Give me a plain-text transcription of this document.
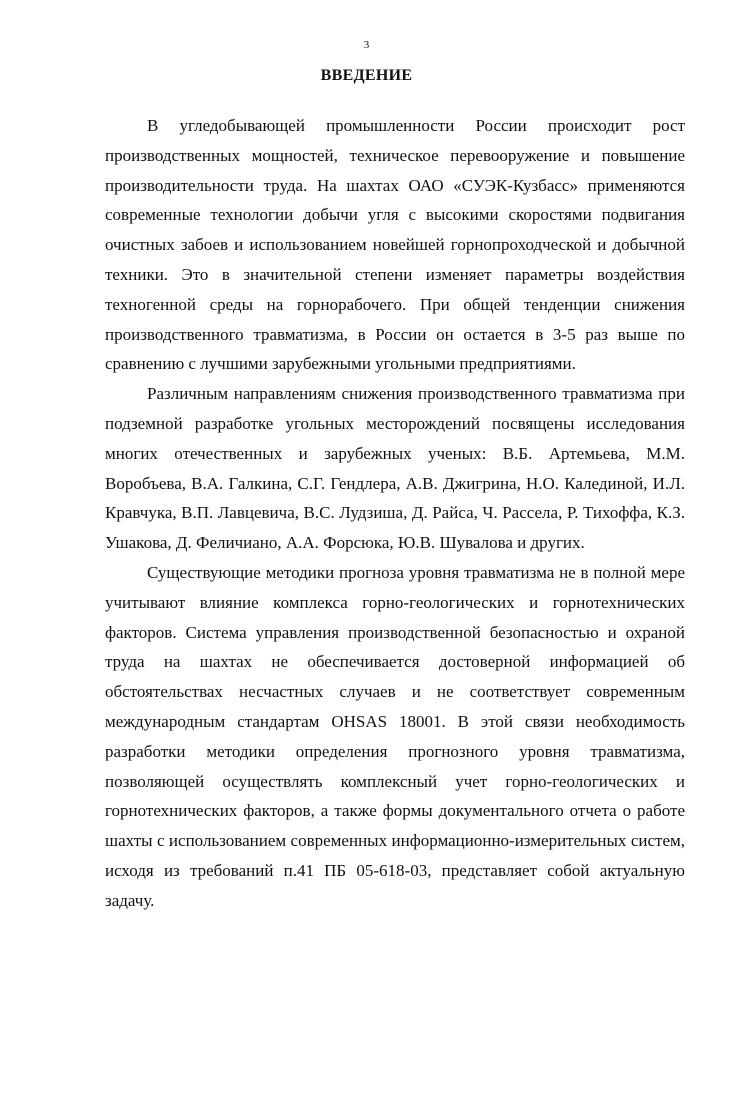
3
ВВЕДЕНИЕ

В угледобывающей промышленности России происходит рост производственных мощностей, техническое перевооружение и повышение производительности труда. На шахтах ОАО «СУЭК-Кузбасс» применяются современные технологии добычи угля с высокими скоростями подвигания очистных забоев и использованием новейшей горнопроходческой и добычной техники. Это в значительной степени изменяет параметры воздействия техногенной среды на горнорабочего. При общей тенденции снижения производственного травматизма, в России он остается в 3-5 раз выше по сравнению с лучшими зарубежными угольными предприятиями.

Различным направлениям снижения производственного травматизма при подземной разработке угольных месторождений посвящены исследования многих отечественных и зарубежных ученых: В.Б. Артемьева, М.М. Воробъева, В.А. Галкина, С.Г. Гендлера, А.В. Джигрина, Н.О. Калединой, И.Л. Кравчука, В.П. Лавцевича, В.С. Лудзиша, Д. Райса, Ч. Рассела, Р. Тихоффа, К.З. Ушакова, Д. Феличиано, А.А. Форсюка, Ю.В. Шувалова и других.

Существующие методики прогноза уровня травматизма не в полной мере учитывают влияние комплекса горно-геологических и горнотехнических факторов. Система управления производственной безопасностью и охраной труда на шахтах не обеспечивается достоверной информацией об обстоятельствах несчастных случаев и не соответствует современным международным стандартам OHSAS 18001. В этой связи необходимость разработки методики определения прогнозного уровня травматизма, позволяющей осуществлять комплексный учет горно-геологических и горнотехнических факторов, а также формы документального отчета о работе шахты с использованием современных информационно-измерительных систем, исходя из требований п.41 ПБ 05-618-03, представляет собой актуальную задачу.
